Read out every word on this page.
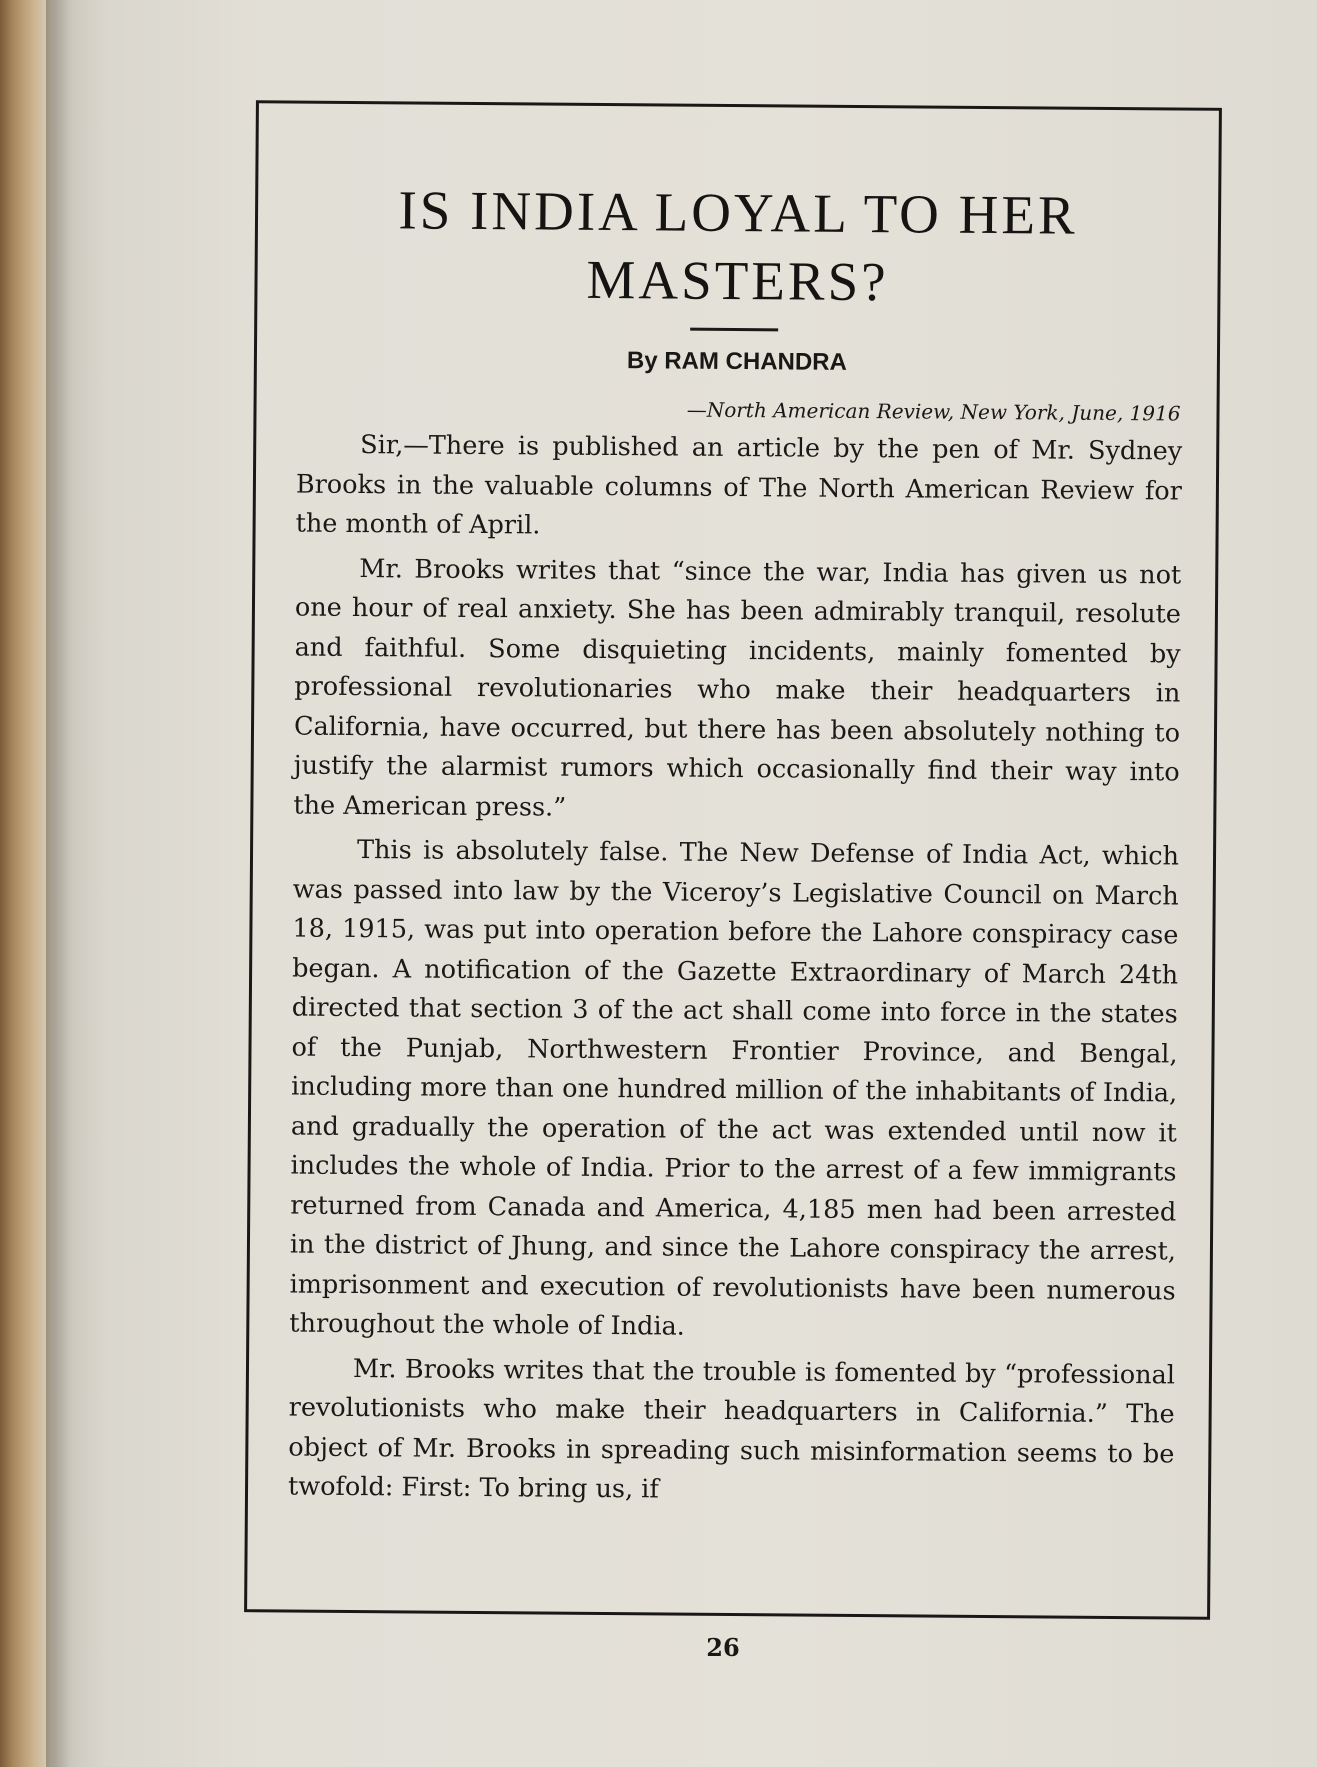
IS INDIA LOYAL TO HER MASTERS?
By RAM CHANDRA
—North American Review, New York, June, 1916

Sir,—There is published an article by the pen of Mr. Sydney Brooks in the valuable columns of The North American Review for the month of April.

Mr. Brooks writes that “since the war, India has given us not one hour of real anxiety. She has been admirably tranquil, resolute and faithful. Some disquieting incidents, mainly fomented by professional revolutionaries who make their headquarters in California, have occurred, but there has been absolutely nothing to justify the alarmist rumors which occasionally find their way into the American press.”

This is absolutely false. The New Defense of India Act, which was passed into law by the Viceroy’s Legislative Council on March 18, 1915, was put into operation before the Lahore conspiracy case began. A notification of the Gazette Extraordinary of March 24th directed that section 3 of the act shall come into force in the states of the Punjab, Northwestern Frontier Province, and Bengal, including more than one hundred million of the inhabitants of India, and gradually the operation of the act was extended until now it includes the whole of India. Prior to the arrest of a few immigrants returned from Canada and America, 4,185 men had been arrested in the district of Jhung, and since the Lahore conspiracy the arrest, imprisonment and execution of revolutionists have been numerous throughout the whole of India.

Mr. Brooks writes that the trouble is fomented by “professional revolutionists who make their headquarters in California.” The object of Mr. Brooks in spreading such misinformation seems to be twofold: First: To bring us, if

26
